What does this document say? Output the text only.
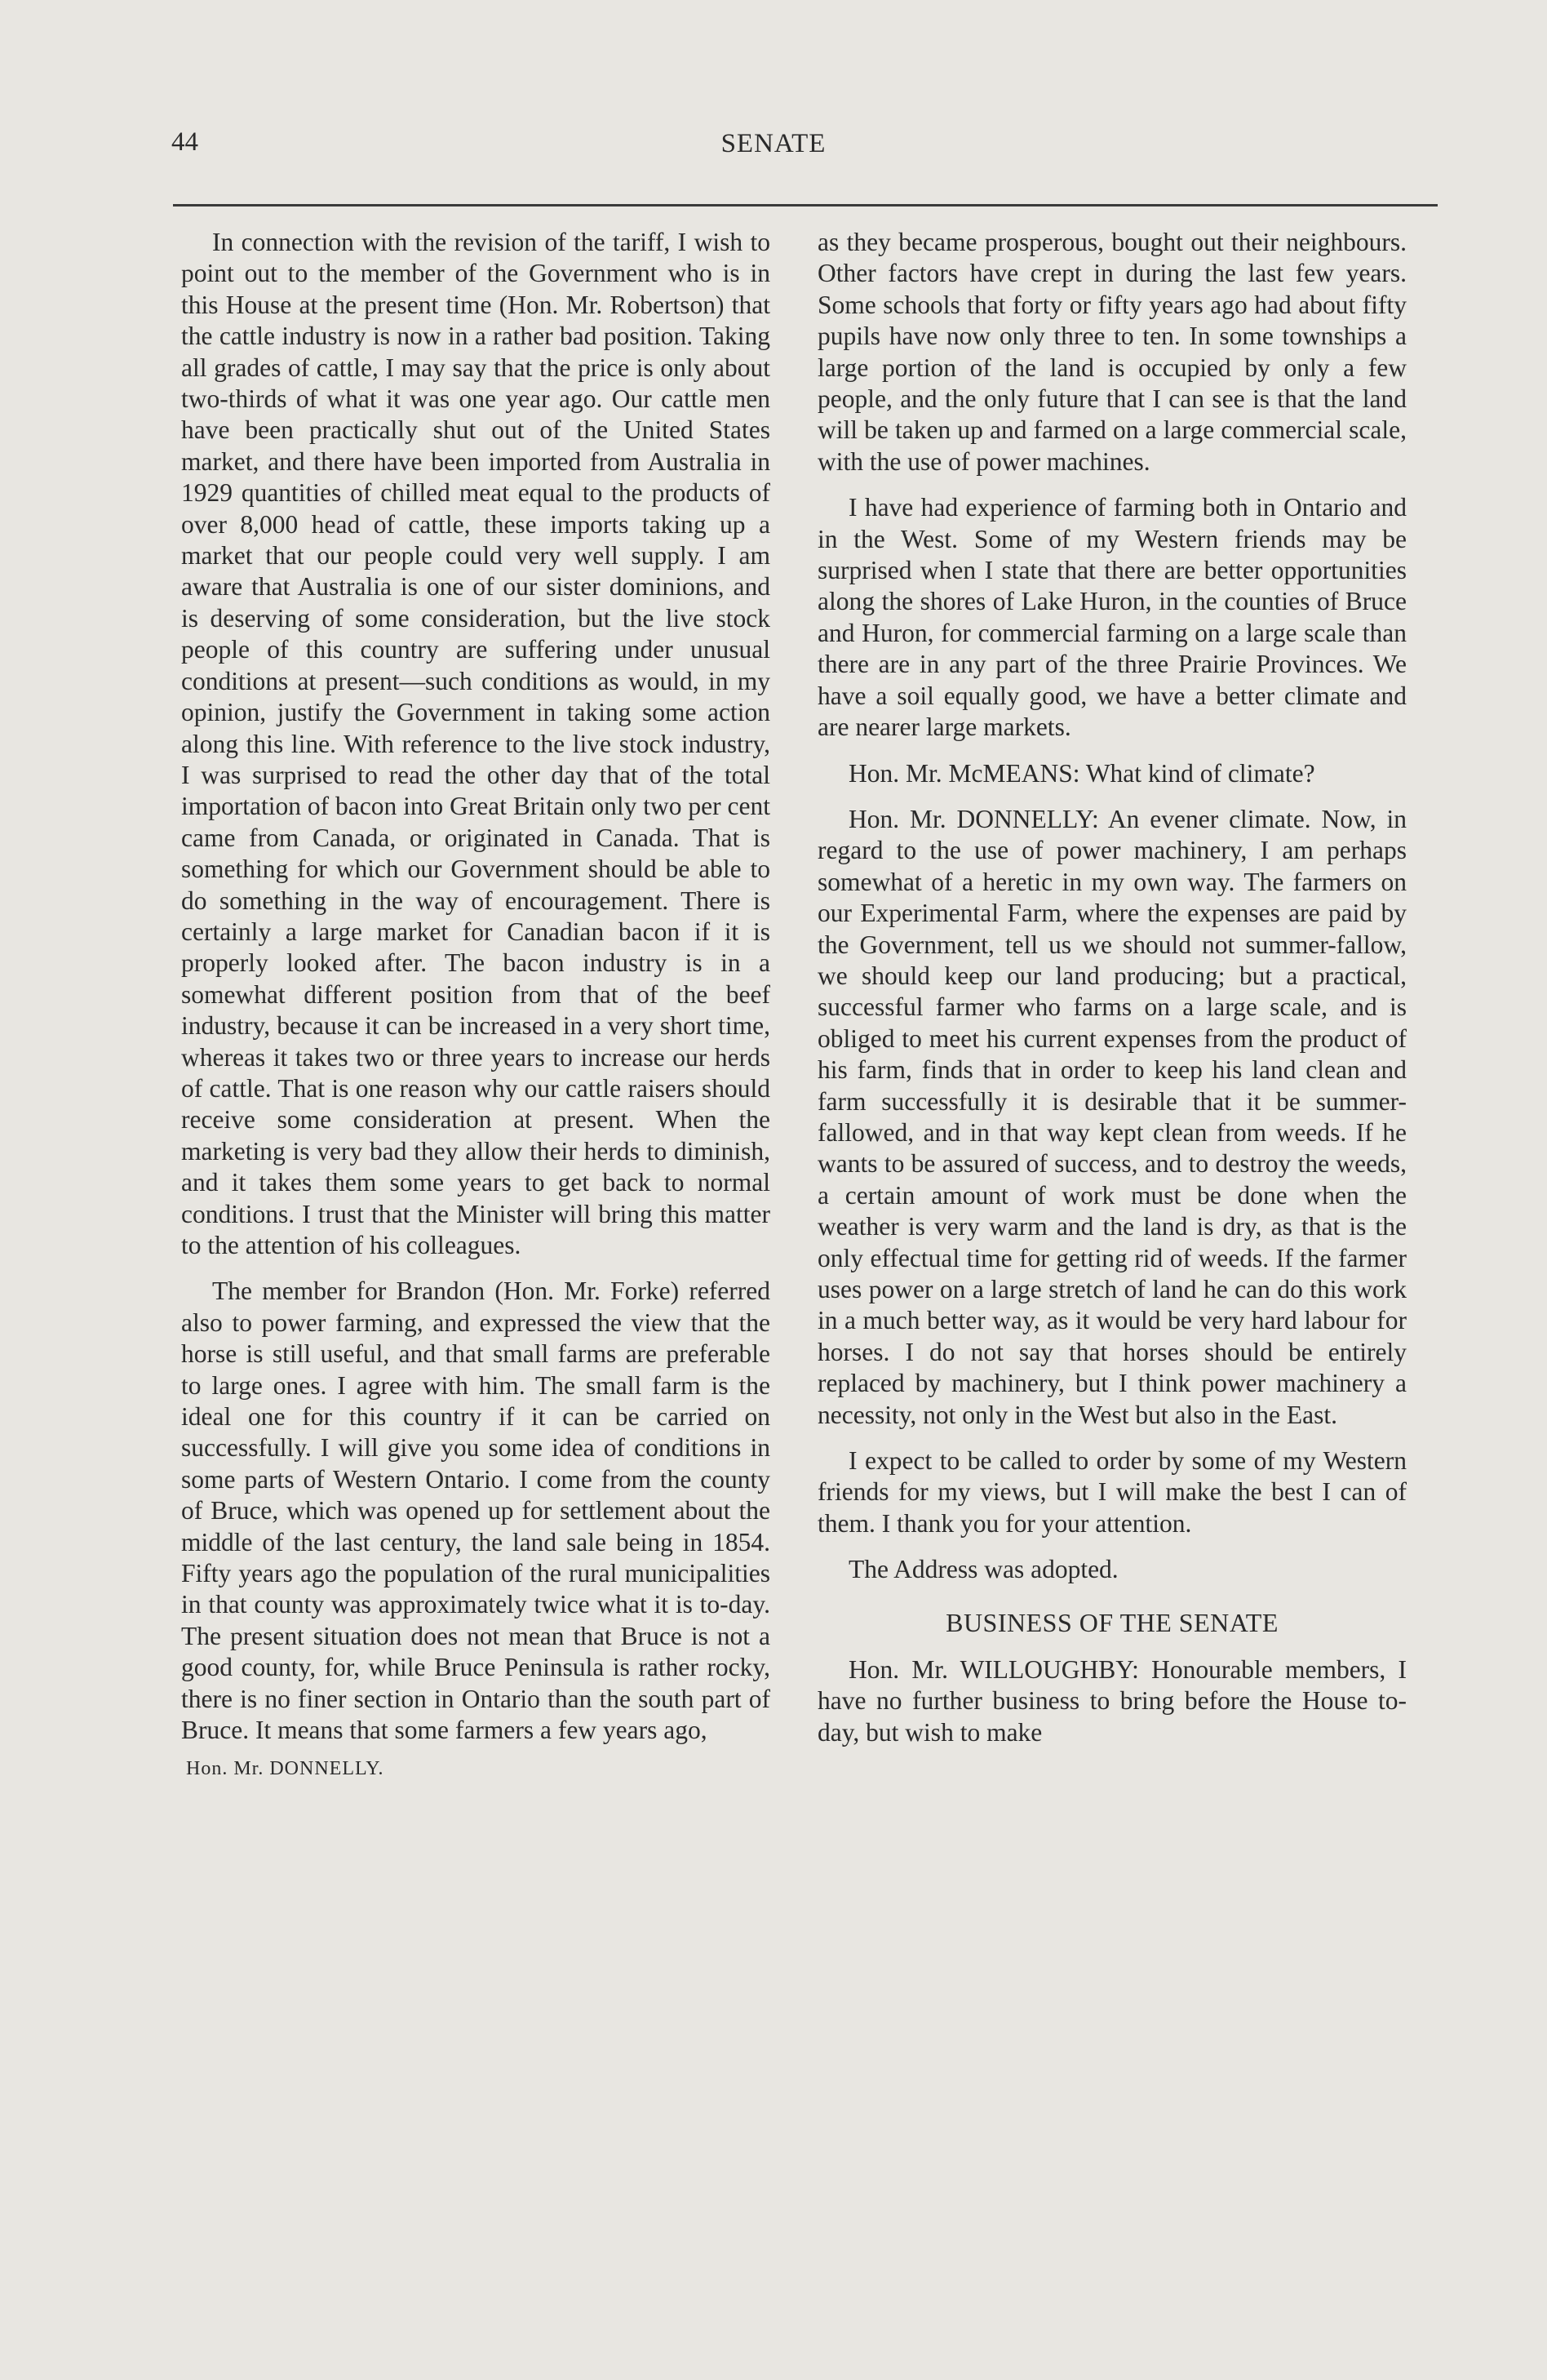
44	SENATE

In connection with the revision of the tariff, I wish to point out to the member of the Government who is in this House at the present time (Hon. Mr. Robertson) that the cattle industry is now in a rather bad position. Taking all grades of cattle, I may say that the price is only about two-thirds of what it was one year ago. Our cattle men have been practically shut out of the United States market, and there have been imported from Australia in 1929 quantities of chilled meat equal to the products of over 8,000 head of cattle, these imports taking up a market that our people could very well supply. I am aware that Australia is one of our sister dominions, and is deserving of some consideration, but the live stock people of this country are suffering under unusual conditions at present—such conditions as would, in my opinion, justify the Government in taking some action along this line. With reference to the live stock industry, I was surprised to read the other day that of the total importation of bacon into Great Britain only two per cent came from Canada, or originated in Canada. That is something for which our Government should be able to do something in the way of encouragement. There is certainly a large market for Canadian bacon if it is properly looked after. The bacon industry is in a somewhat different position from that of the beef industry, because it can be increased in a very short time, whereas it takes two or three years to increase our herds of cattle. That is one reason why our cattle raisers should receive some consideration at present. When the marketing is very bad they allow their herds to diminish, and it takes them some years to get back to normal conditions. I trust that the Minister will bring this matter to the attention of his colleagues.

The member for Brandon (Hon. Mr. Forke) referred also to power farming, and expressed the view that the horse is still useful, and that small farms are preferable to large ones. I agree with him. The small farm is the ideal one for this country if it can be carried on successfully. I will give you some idea of conditions in some parts of Western Ontario. I come from the county of Bruce, which was opened up for settlement about the middle of the last century, the land sale being in 1854. Fifty years ago the population of the rural municipalities in that county was approximately twice what it is to-day. The present situation does not mean that Bruce is not a good county, for, while Bruce Peninsula is rather rocky, there is no finer section in Ontario than the south part of Bruce. It means that some farmers a few years ago,

Hon. Mr. DONNELLY.

as they became prosperous, bought out their neighbours. Other factors have crept in during the last few years. Some schools that forty or fifty years ago had about fifty pupils have now only three to ten. In some townships a large portion of the land is occupied by only a few people, and the only future that I can see is that the land will be taken up and farmed on a large commercial scale, with the use of power machines.

I have had experience of farming both in Ontario and in the West. Some of my Western friends may be surprised when I state that there are better opportunities along the shores of Lake Huron, in the counties of Bruce and Huron, for commercial farming on a large scale than there are in any part of the three Prairie Provinces. We have a soil equally good, we have a better climate and are nearer large markets.

Hon. Mr. McMEANS: What kind of climate?

Hon. Mr. DONNELLY: An evener climate. Now, in regard to the use of power machinery, I am perhaps somewhat of a heretic in my own way. The farmers on our Experimental Farm, where the expenses are paid by the Government, tell us we should not summer-fallow, we should keep our land producing; but a practical, successful farmer who farms on a large scale, and is obliged to meet his current expenses from the product of his farm, finds that in order to keep his land clean and farm successfully it is desirable that it be summer-fallowed, and in that way kept clean from weeds. If he wants to be assured of success, and to destroy the weeds, a certain amount of work must be done when the weather is very warm and the land is dry, as that is the only effectual time for getting rid of weeds. If the farmer uses power on a large stretch of land he can do this work in a much better way, as it would be very hard labour for horses. I do not say that horses should be entirely replaced by machinery, but I think power machinery a necessity, not only in the West but also in the East.

I expect to be called to order by some of my Western friends for my views, but I will make the best I can of them. I thank you for your attention.

The Address was adopted.

BUSINESS OF THE SENATE

Hon. Mr. WILLOUGHBY: Honourable members, I have no further business to bring before the House to-day, but wish to make
